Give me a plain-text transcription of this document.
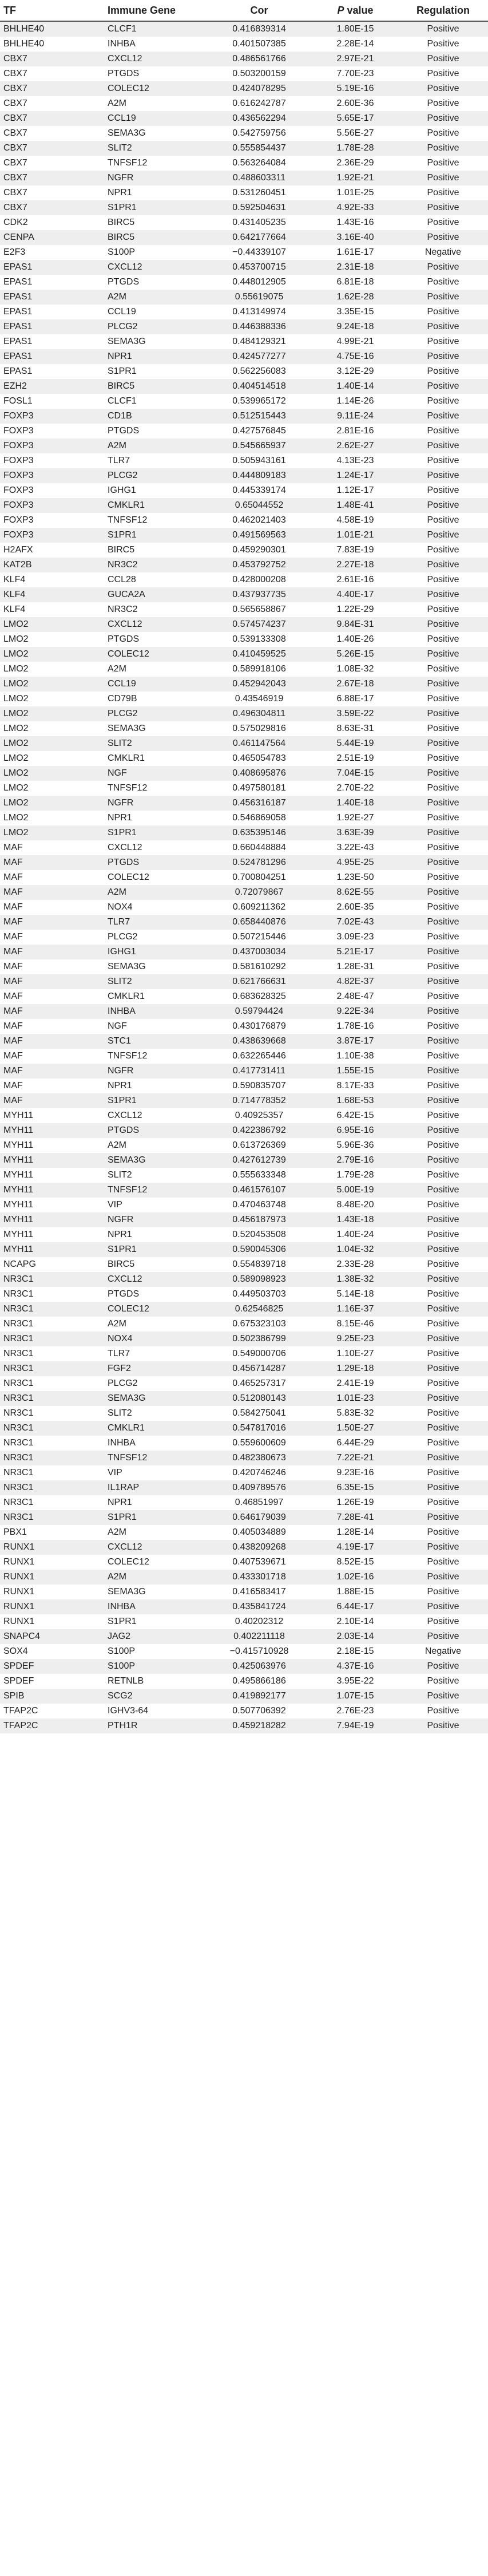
TF	Immune Gene	Cor	P value	Regulation
BHLHE40	CLCF1	0.416839314	1.80E-15	Positive
BHLHE40	INHBA	0.401507385	2.28E-14	Positive
CBX7	CXCL12	0.486561766	2.97E-21	Positive
CBX7	PTGDS	0.503200159	7.70E-23	Positive
CBX7	COLEC12	0.424078295	5.19E-16	Positive
CBX7	A2M	0.616242787	2.60E-36	Positive
CBX7	CCL19	0.436562294	5.65E-17	Positive
CBX7	SEMA3G	0.542759756	5.56E-27	Positive
CBX7	SLIT2	0.555854437	1.78E-28	Positive
CBX7	TNFSF12	0.563264084	2.36E-29	Positive
CBX7	NGFR	0.488603311	1.92E-21	Positive
CBX7	NPR1	0.531260451	1.01E-25	Positive
CBX7	S1PR1	0.592504631	4.92E-33	Positive
CDK2	BIRC5	0.431405235	1.43E-16	Positive
CENPA	BIRC5	0.642177664	3.16E-40	Positive
E2F3	S100P	−0.44339107	1.61E-17	Negative
EPAS1	CXCL12	0.453700715	2.31E-18	Positive
EPAS1	PTGDS	0.448012905	6.81E-18	Positive
EPAS1	A2M	0.55619075	1.62E-28	Positive
EPAS1	CCL19	0.413149974	3.35E-15	Positive
EPAS1	PLCG2	0.446388336	9.24E-18	Positive
EPAS1	SEMA3G	0.484129321	4.99E-21	Positive
EPAS1	NPR1	0.424577277	4.75E-16	Positive
EPAS1	S1PR1	0.562256083	3.12E-29	Positive
EZH2	BIRC5	0.404514518	1.40E-14	Positive
FOSL1	CLCF1	0.539965172	1.14E-26	Positive
FOXP3	CD1B	0.512515443	9.11E-24	Positive
FOXP3	PTGDS	0.427576845	2.81E-16	Positive
FOXP3	A2M	0.545665937	2.62E-27	Positive
FOXP3	TLR7	0.505943161	4.13E-23	Positive
FOXP3	PLCG2	0.444809183	1.24E-17	Positive
FOXP3	IGHG1	0.445339174	1.12E-17	Positive
FOXP3	CMKLR1	0.65044552	1.48E-41	Positive
FOXP3	TNFSF12	0.462021403	4.58E-19	Positive
FOXP3	S1PR1	0.491569563	1.01E-21	Positive
H2AFX	BIRC5	0.459290301	7.83E-19	Positive
KAT2B	NR3C2	0.453792752	2.27E-18	Positive
KLF4	CCL28	0.428000208	2.61E-16	Positive
KLF4	GUCA2A	0.437937735	4.40E-17	Positive
KLF4	NR3C2	0.565658867	1.22E-29	Positive
LMO2	CXCL12	0.574574237	9.84E-31	Positive
LMO2	PTGDS	0.539133308	1.40E-26	Positive
LMO2	COLEC12	0.410459525	5.26E-15	Positive
LMO2	A2M	0.589918106	1.08E-32	Positive
LMO2	CCL19	0.452942043	2.67E-18	Positive
LMO2	CD79B	0.43546919	6.88E-17	Positive
LMO2	PLCG2	0.496304811	3.59E-22	Positive
LMO2	SEMA3G	0.575029816	8.63E-31	Positive
LMO2	SLIT2	0.461147564	5.44E-19	Positive
LMO2	CMKLR1	0.465054783	2.51E-19	Positive
LMO2	NGF	0.408695876	7.04E-15	Positive
LMO2	TNFSF12	0.497580181	2.70E-22	Positive
LMO2	NGFR	0.456316187	1.40E-18	Positive
LMO2	NPR1	0.546869058	1.92E-27	Positive
LMO2	S1PR1	0.635395146	3.63E-39	Positive
MAF	CXCL12	0.660448884	3.22E-43	Positive
MAF	PTGDS	0.524781296	4.95E-25	Positive
MAF	COLEC12	0.700804251	1.23E-50	Positive
MAF	A2M	0.72079867	8.62E-55	Positive
MAF	NOX4	0.609211362	2.60E-35	Positive
MAF	TLR7	0.658440876	7.02E-43	Positive
MAF	PLCG2	0.507215446	3.09E-23	Positive
MAF	IGHG1	0.437003034	5.21E-17	Positive
MAF	SEMA3G	0.581610292	1.28E-31	Positive
MAF	SLIT2	0.621766631	4.82E-37	Positive
MAF	CMKLR1	0.683628325	2.48E-47	Positive
MAF	INHBA	0.59794424	9.22E-34	Positive
MAF	NGF	0.430176879	1.78E-16	Positive
MAF	STC1	0.438639668	3.87E-17	Positive
MAF	TNFSF12	0.632265446	1.10E-38	Positive
MAF	NGFR	0.417731411	1.55E-15	Positive
MAF	NPR1	0.590835707	8.17E-33	Positive
MAF	S1PR1	0.714778352	1.68E-53	Positive
MYH11	CXCL12	0.40925357	6.42E-15	Positive
MYH11	PTGDS	0.422386792	6.95E-16	Positive
MYH11	A2M	0.613726369	5.96E-36	Positive
MYH11	SEMA3G	0.427612739	2.79E-16	Positive
MYH11	SLIT2	0.555633348	1.79E-28	Positive
MYH11	TNFSF12	0.461576107	5.00E-19	Positive
MYH11	VIP	0.470463748	8.48E-20	Positive
MYH11	NGFR	0.456187973	1.43E-18	Positive
MYH11	NPR1	0.520453508	1.40E-24	Positive
MYH11	S1PR1	0.590045306	1.04E-32	Positive
NCAPG	BIRC5	0.554839718	2.33E-28	Positive
NR3C1	CXCL12	0.589098923	1.38E-32	Positive
NR3C1	PTGDS	0.449503703	5.14E-18	Positive
NR3C1	COLEC12	0.62546825	1.16E-37	Positive
NR3C1	A2M	0.675323103	8.15E-46	Positive
NR3C1	NOX4	0.502386799	9.25E-23	Positive
NR3C1	TLR7	0.549000706	1.10E-27	Positive
NR3C1	FGF2	0.456714287	1.29E-18	Positive
NR3C1	PLCG2	0.465257317	2.41E-19	Positive
NR3C1	SEMA3G	0.512080143	1.01E-23	Positive
NR3C1	SLIT2	0.584275041	5.83E-32	Positive
NR3C1	CMKLR1	0.547817016	1.50E-27	Positive
NR3C1	INHBA	0.559600609	6.44E-29	Positive
NR3C1	TNFSF12	0.482380673	7.22E-21	Positive
NR3C1	VIP	0.420746246	9.23E-16	Positive
NR3C1	IL1RAP	0.409789576	6.35E-15	Positive
NR3C1	NPR1	0.46851997	1.26E-19	Positive
NR3C1	S1PR1	0.646179039	7.28E-41	Positive
PBX1	A2M	0.405034889	1.28E-14	Positive
RUNX1	CXCL12	0.438209268	4.19E-17	Positive
RUNX1	COLEC12	0.407539671	8.52E-15	Positive
RUNX1	A2M	0.433301718	1.02E-16	Positive
RUNX1	SEMA3G	0.416583417	1.88E-15	Positive
RUNX1	INHBA	0.435841724	6.44E-17	Positive
RUNX1	S1PR1	0.40202312	2.10E-14	Positive
SNAPC4	JAG2	0.402211118	2.03E-14	Positive
SOX4	S100P	−0.415710928	2.18E-15	Negative
SPDEF	S100P	0.425063976	4.37E-16	Positive
SPDEF	RETNLB	0.495866186	3.95E-22	Positive
SPIB	SCG2	0.419892177	1.07E-15	Positive
TFAP2C	IGHV3-64	0.507706392	2.76E-23	Positive
TFAP2C	PTH1R	0.459218282	7.94E-19	Positive
